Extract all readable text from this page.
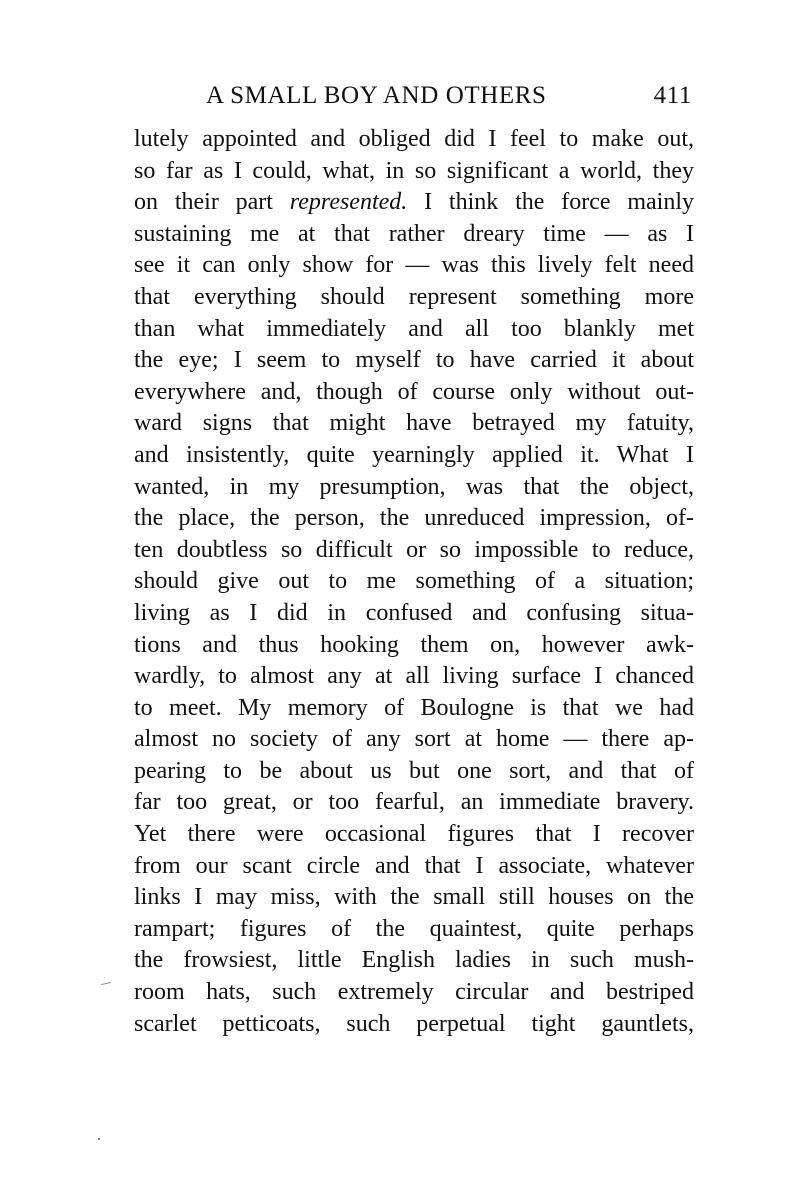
A SMALL BOY AND OTHERS	411
lutely appointed and obliged did I feel to make out,
so far as I could, what, in so significant a world, they
on their part represented. I think the force mainly
sustaining me at that rather dreary time — as I
see it can only show for — was this lively felt need
that everything should represent something more
than what immediately and all too blankly met
the eye; I seem to myself to have carried it about
everywhere and, though of course only without out-
ward signs that might have betrayed my fatuity,
and insistently, quite yearningly applied it. What I
wanted, in my presumption, was that the object,
the place, the person, the unreduced impression, of-
ten doubtless so difficult or so impossible to reduce,
should give out to me something of a situation;
living as I did in confused and confusing situa-
tions and thus hooking them on, however awk-
wardly, to almost any at all living surface I chanced
to meet. My memory of Boulogne is that we had
almost no society of any sort at home — there ap-
pearing to be about us but one sort, and that of
far too great, or too fearful, an immediate bravery.
Yet there were occasional figures that I recover
from our scant circle and that I associate, whatever
links I may miss, with the small still houses on the
rampart; figures of the quaintest, quite perhaps
the frowsiest, little English ladies in such mush-
room hats, such extremely circular and bestriped
scarlet petticoats, such perpetual tight gauntlets,
